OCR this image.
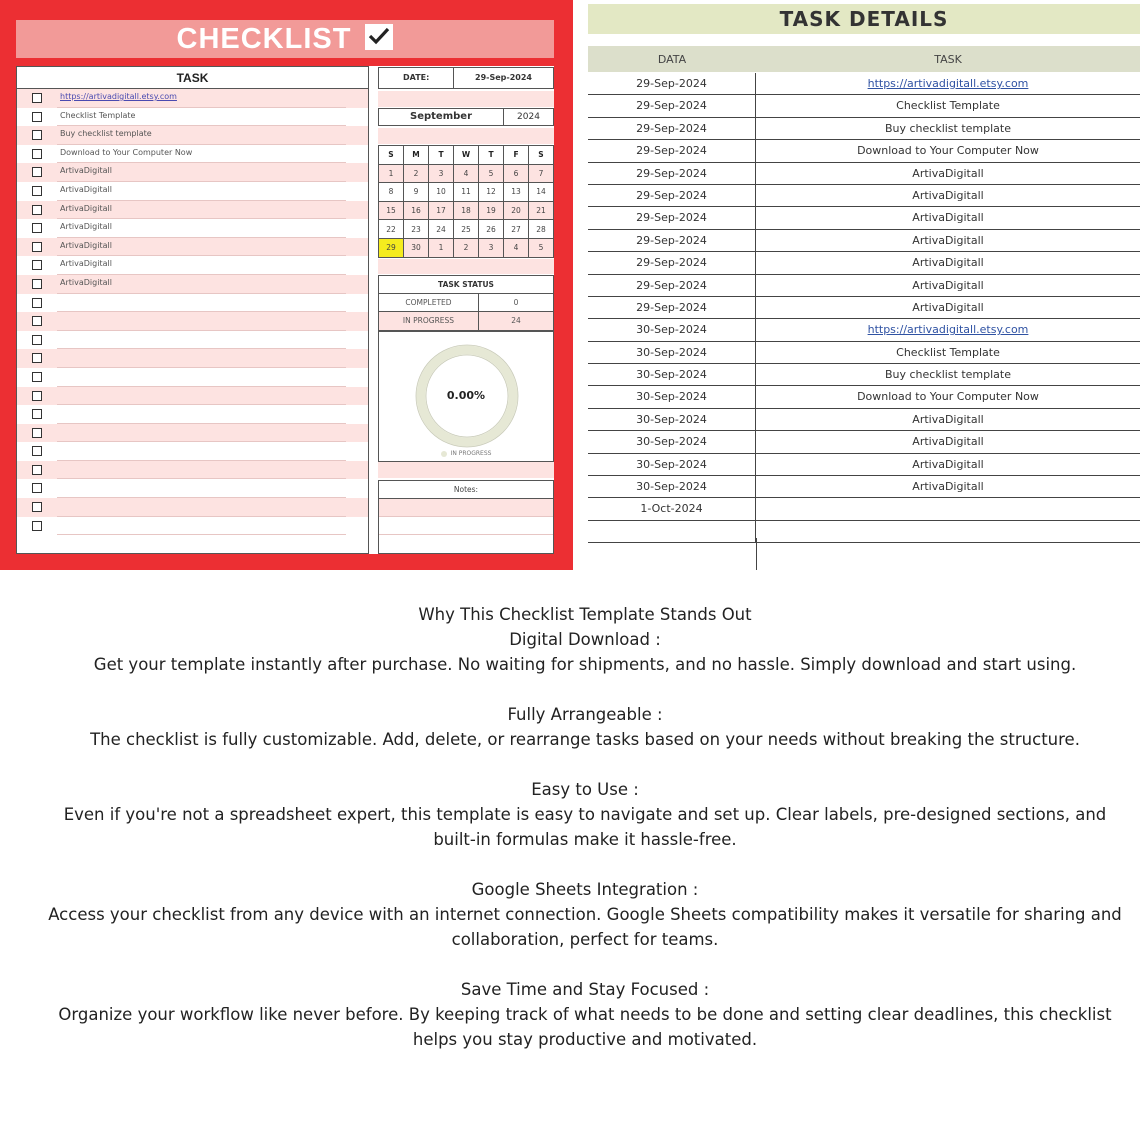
CHECKLIST
TASK
https://artivadigitall.etsy.com
Checklist Template
Buy checklist template
Download to Your Computer Now
ArtivaDigitall
ArtivaDigitall
ArtivaDigitall
ArtivaDigitall
ArtivaDigitall
ArtivaDigitall
ArtivaDigitall
DATE:	29-Sep-2024
September	2024
S	M	T	W	T	F	S
1	2	3	4	5	6	7
8	9	10	11	12	13	14
15	16	17	18	19	20	21
22	23	24	25	26	27	28
29	30	1	2	3	4	5
TASK STATUS
COMPLETED	0
IN PROGRESS	24
0.00%
IN PROGRESS
Notes:
TASK DETAILS
DATA	TASK
29-Sep-2024	https://artivadigitall.etsy.com
29-Sep-2024	Checklist Template
29-Sep-2024	Buy checklist template
29-Sep-2024	Download to Your Computer Now
29-Sep-2024	ArtivaDigitall
29-Sep-2024	ArtivaDigitall
29-Sep-2024	ArtivaDigitall
29-Sep-2024	ArtivaDigitall
29-Sep-2024	ArtivaDigitall
29-Sep-2024	ArtivaDigitall
29-Sep-2024	ArtivaDigitall
30-Sep-2024	https://artivadigitall.etsy.com
30-Sep-2024	Checklist Template
30-Sep-2024	Buy checklist template
30-Sep-2024	Download to Your Computer Now
30-Sep-2024	ArtivaDigitall
30-Sep-2024	ArtivaDigitall
30-Sep-2024	ArtivaDigitall
30-Sep-2024	ArtivaDigitall
1-Oct-2024
Why This Checklist Template Stands Out
Digital Download :
Get your template instantly after purchase. No waiting for shipments, and no hassle. Simply download and start using.
Fully Arrangeable :
The checklist is fully customizable. Add, delete, or rearrange tasks based on your needs without breaking the structure.
Easy to Use :
Even if you're not a spreadsheet expert, this template is easy to navigate and set up. Clear labels, pre-designed sections, and built-in formulas make it hassle-free.
Google Sheets Integration :
Access your checklist from any device with an internet connection. Google Sheets compatibility makes it versatile for sharing and collaboration, perfect for teams.
Save Time and Stay Focused :
Organize your workflow like never before. By keeping track of what needs to be done and setting clear deadlines, this checklist helps you stay productive and motivated.
